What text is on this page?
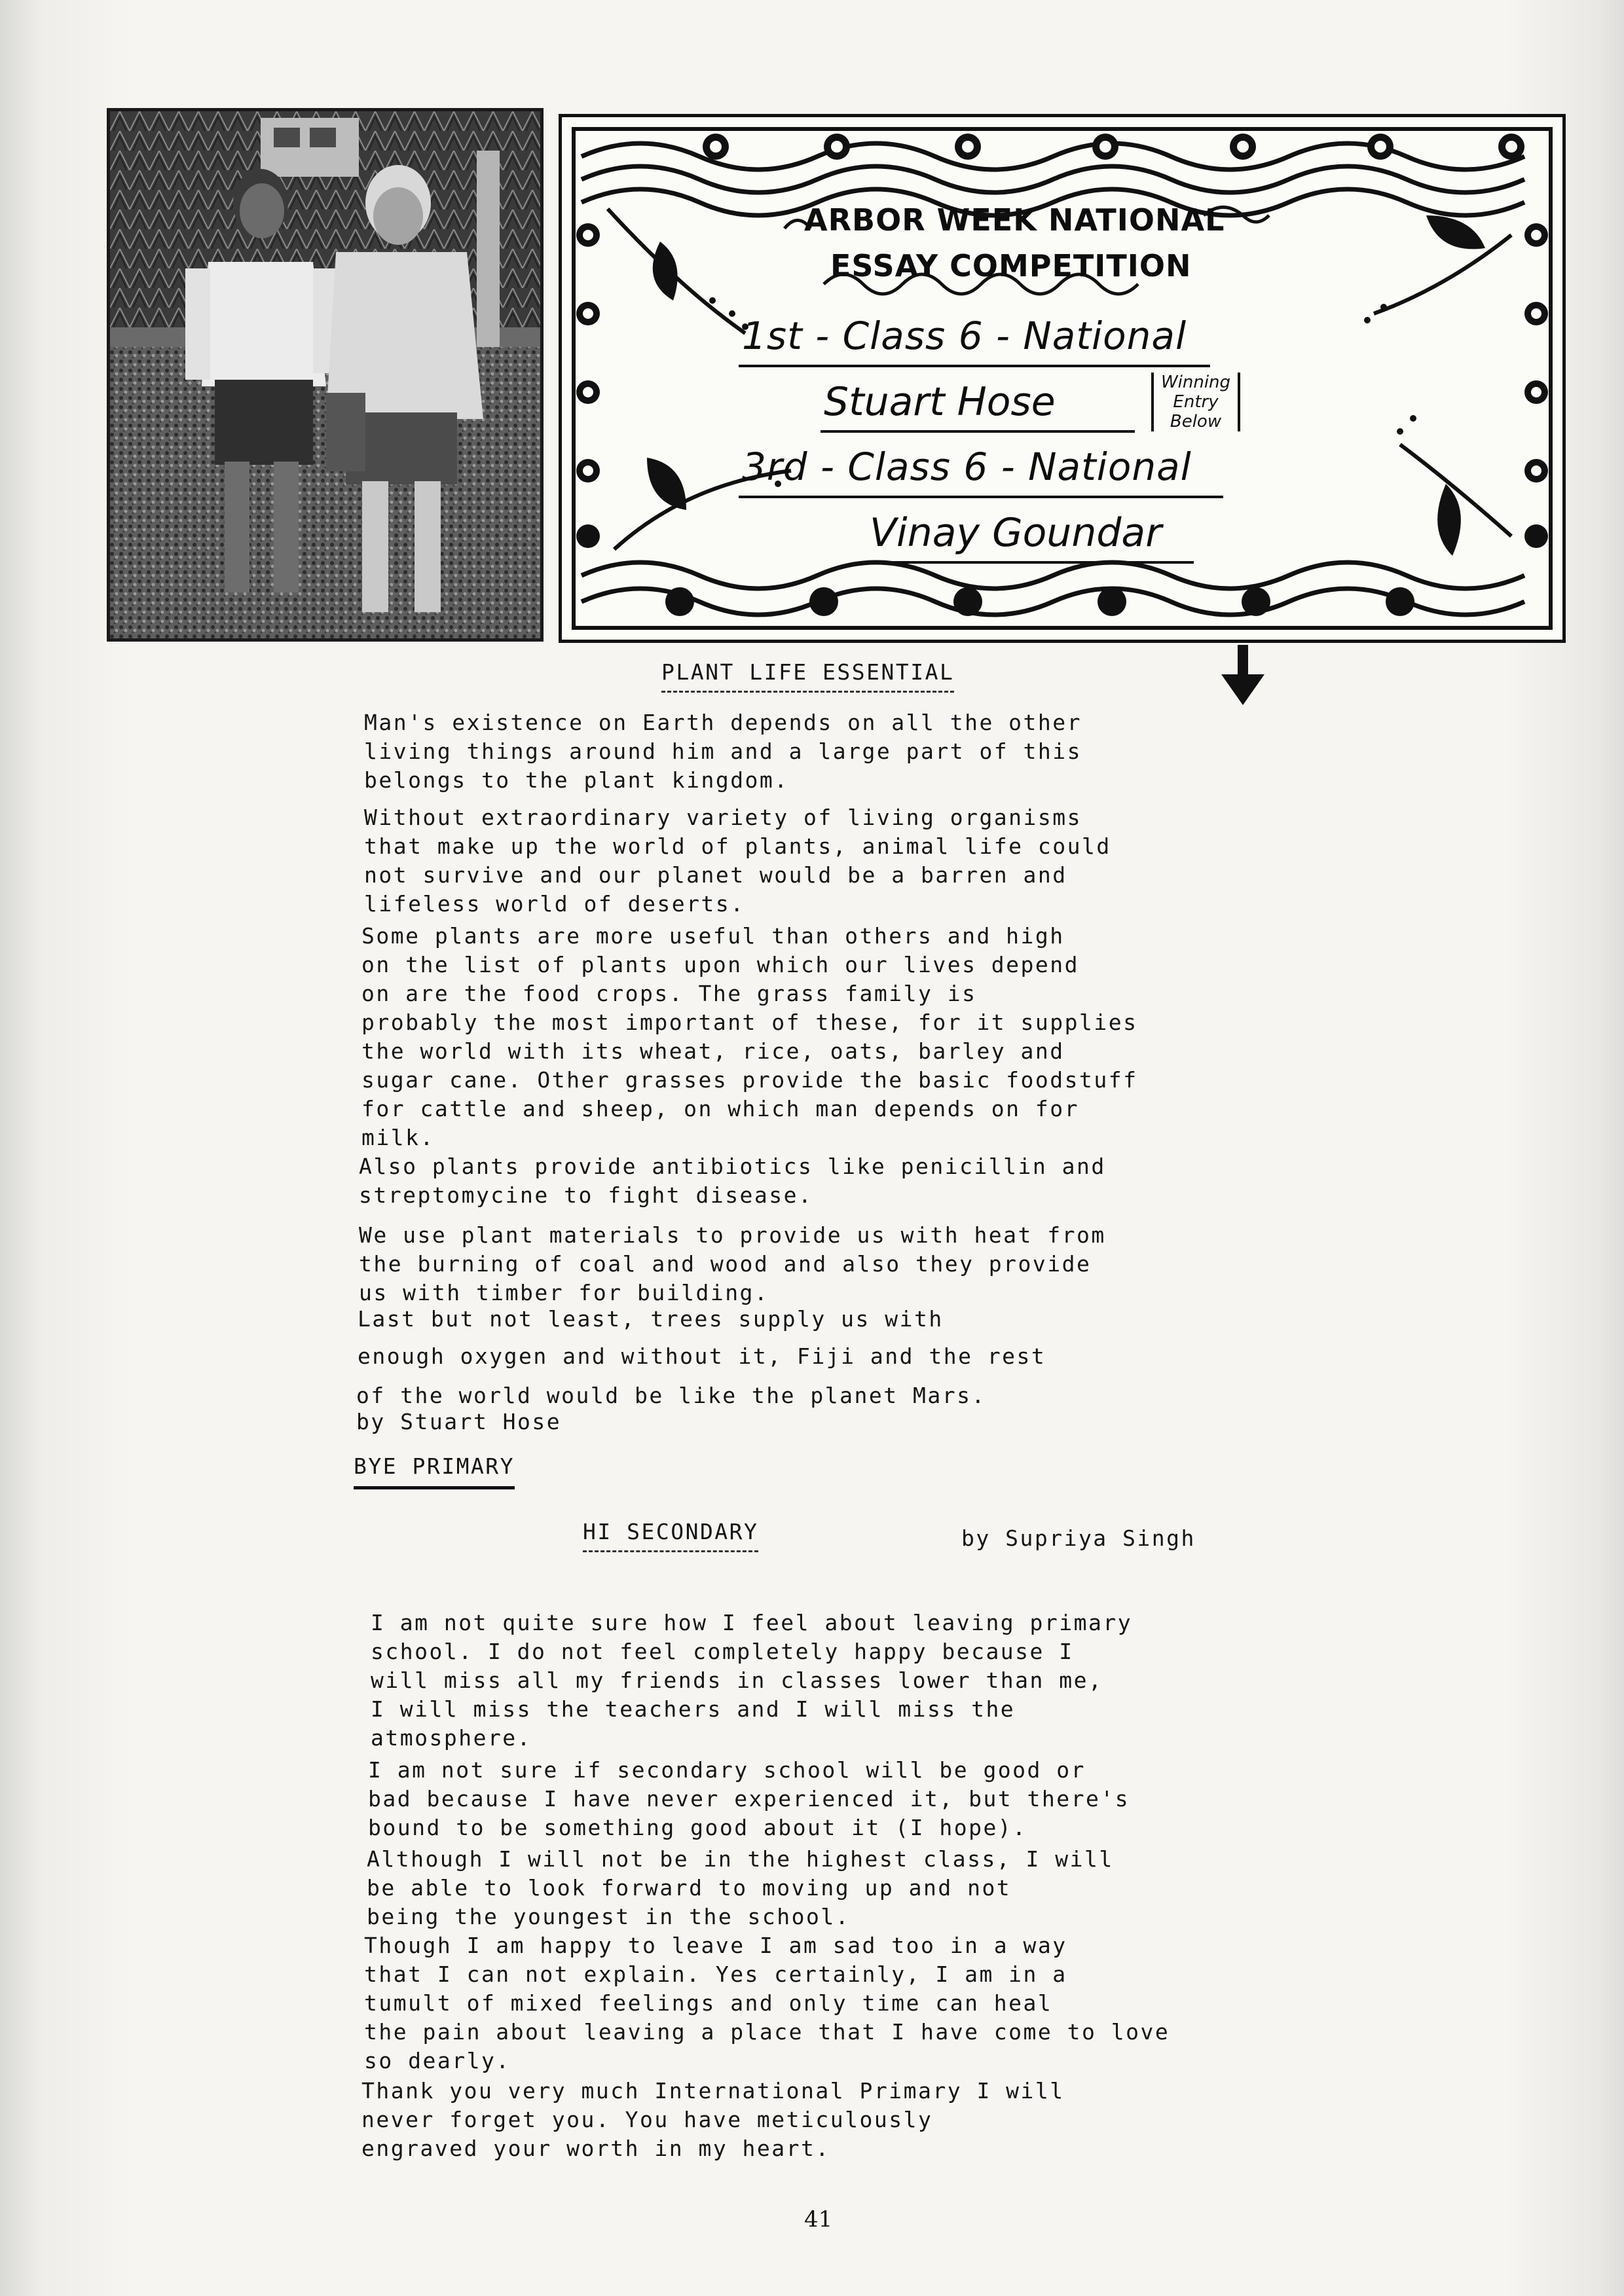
ARBOR WEEK NATIONAL
ESSAY COMPETITION
1st - Class 6 - National
Stuart Hose	Winning Entry Below
3rd - Class 6 - National
Vinay Goundar
PLANT LIFE ESSENTIAL
Man's existence on Earth depends on all the other
living things around him and a large part of this
belongs to the plant kingdom.
Without extraordinary variety of living organisms
that make up the world of plants, animal life could
not survive and our planet would be a barren and
lifeless world of deserts.
Some plants are more useful than others and high
on the list of plants upon which our lives depend
on are the food crops. The grass family is
probably the most important of these, for it supplies
the world with its wheat, rice, oats, barley and
sugar cane. Other grasses provide the basic foodstuff
for cattle and sheep, on which man depends on for
milk.
Also plants provide antibiotics like penicillin and
streptomycine to fight disease.
We use plant materials to provide us with heat from
the burning of coal and wood and also they provide
us with timber for building.
Last but not least, trees supply us with
enough oxygen and without it, Fiji and the rest
of the world would be like the planet Mars.
by Stuart Hose
BYE PRIMARY
HI SECONDARY	by Supriya Singh
I am not quite sure how I feel about leaving primary
school. I do not feel completely happy because I
will miss all my friends in classes lower than me,
I will miss the teachers and I will miss the
atmosphere.
I am not sure if secondary school will be good or
bad because I have never experienced it, but there's
bound to be something good about it (I hope).
Although I will not be in the highest class, I will
be able to look forward to moving up and not
being the youngest in the school.
Though I am happy to leave I am sad too in a way
that I can not explain. Yes certainly, I am in a
tumult of mixed feelings and only time can heal
the pain about leaving a place that I have come to love
so dearly.
Thank you very much International Primary I will
never forget you. You have meticulously
engraved your worth in my heart.
41
